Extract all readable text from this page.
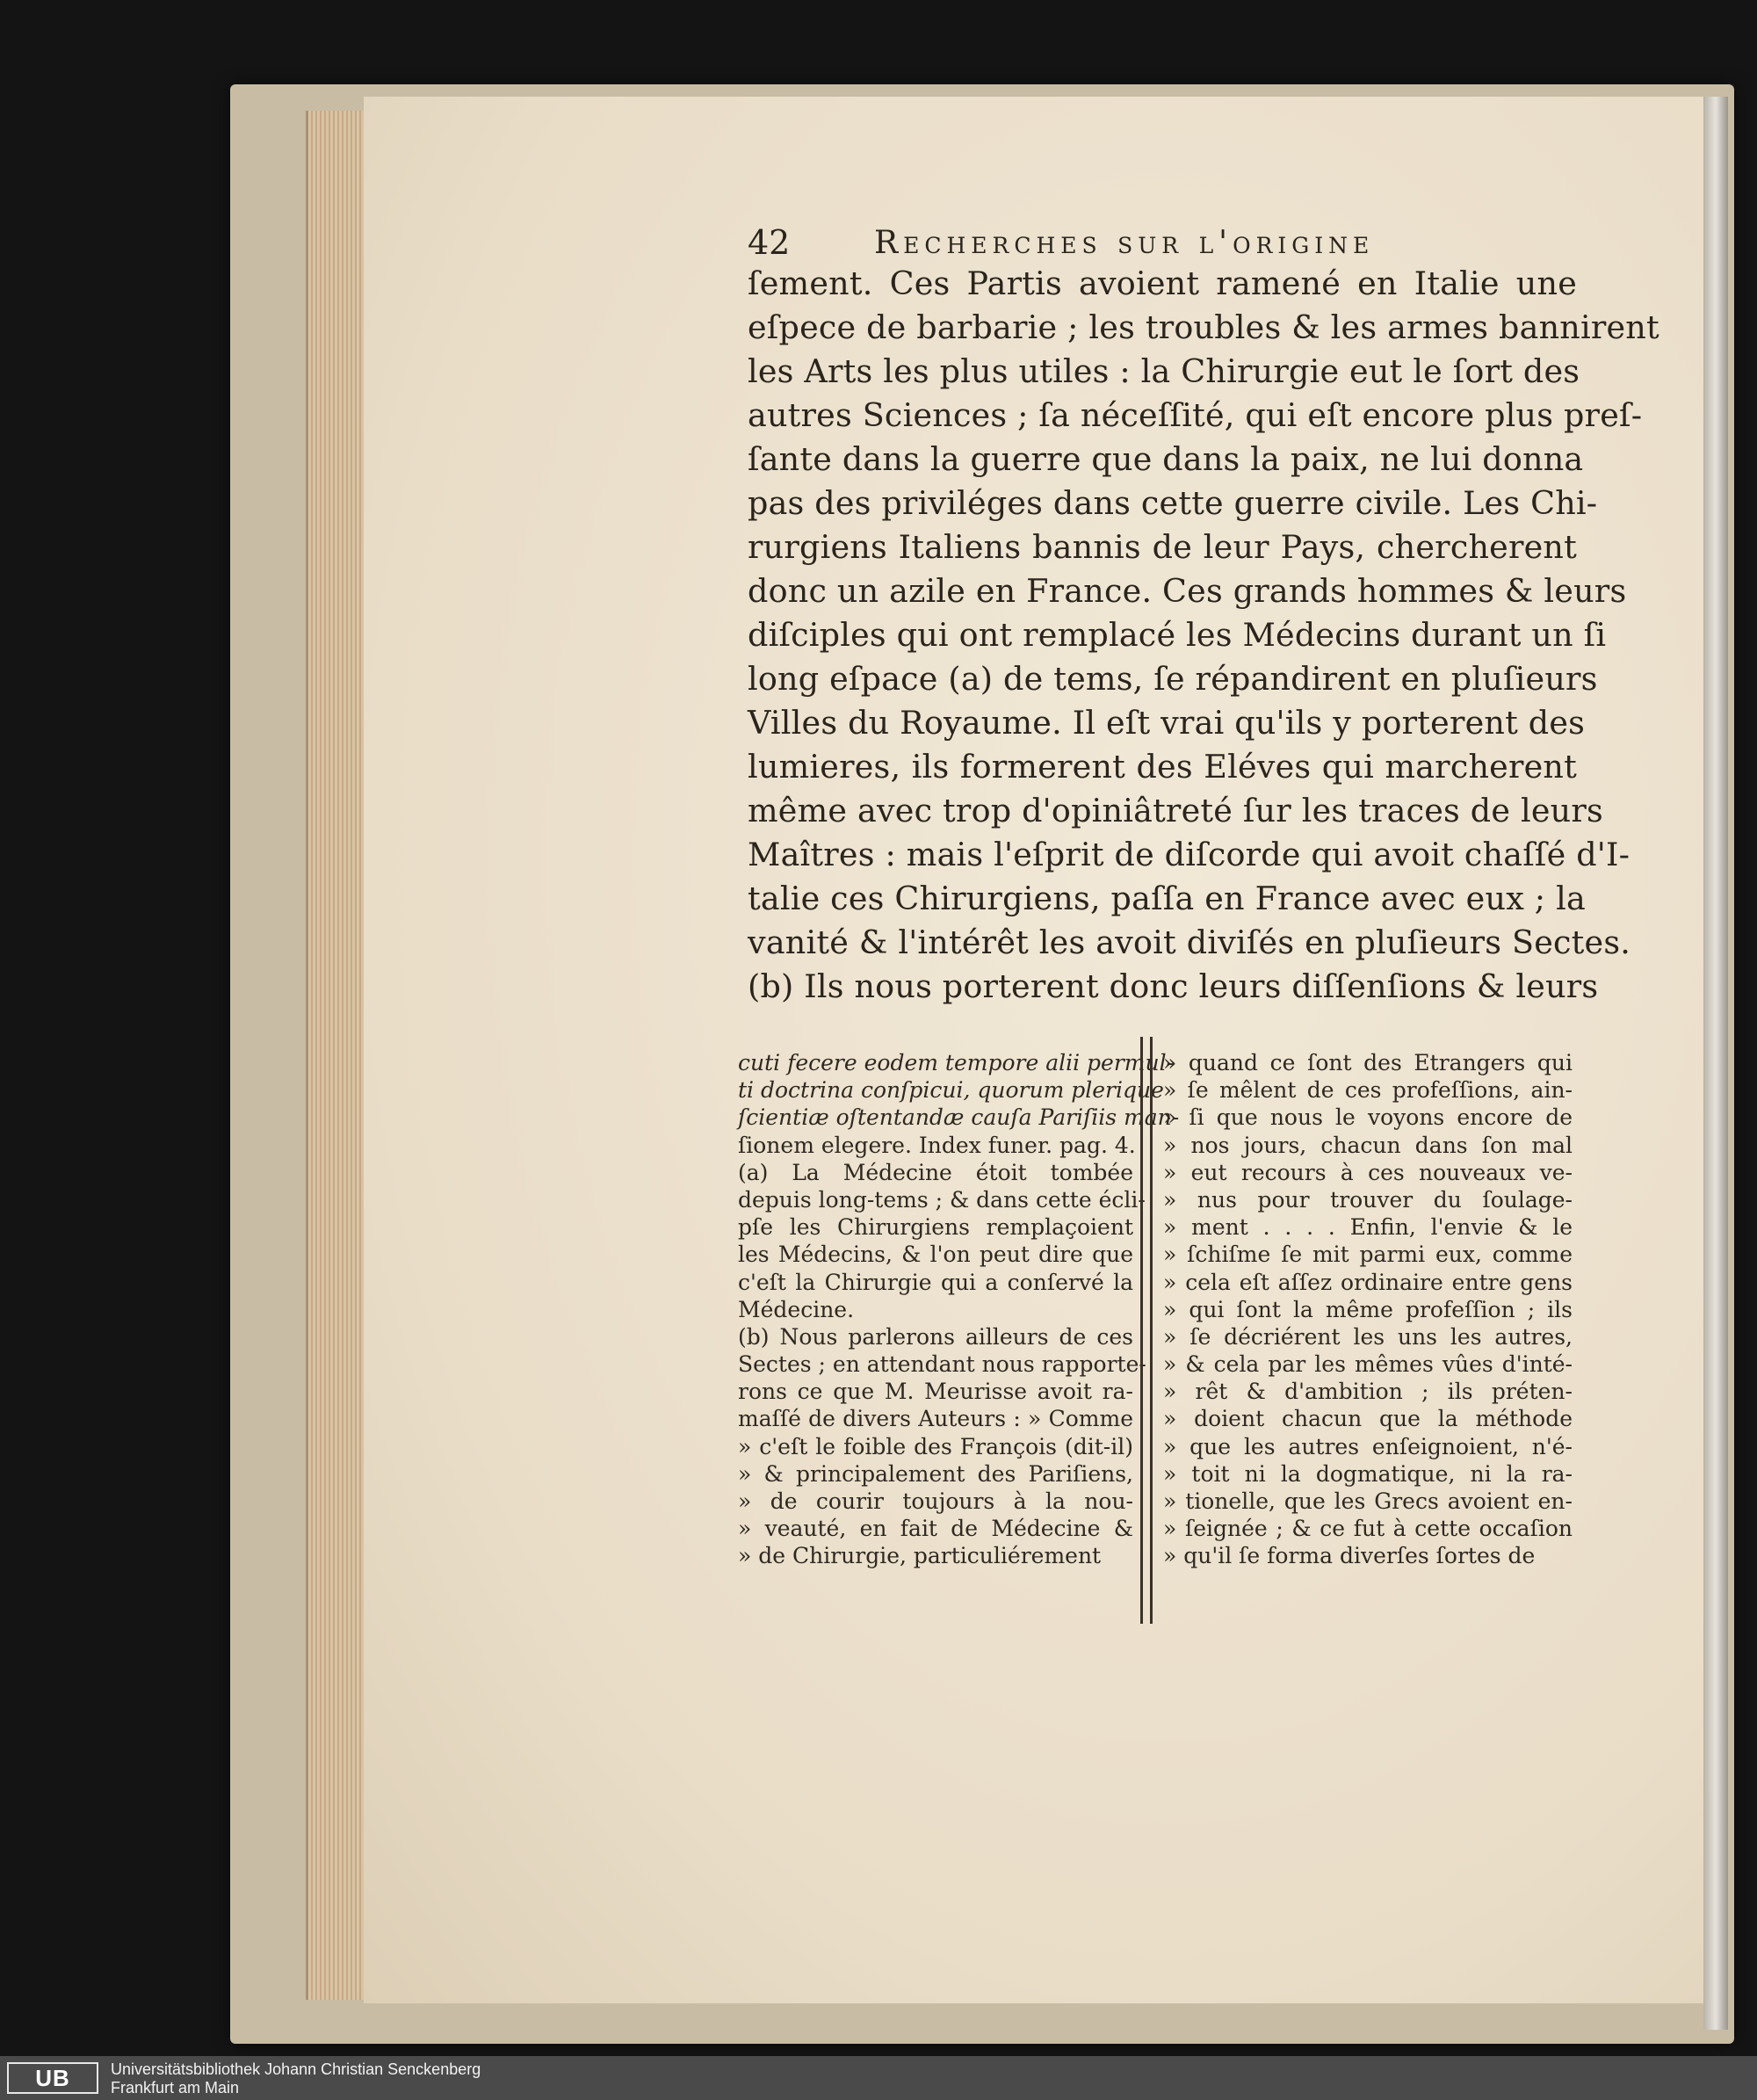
42	Recherches sur l'origine
ſement. Ces Partis avoient ramené en Italie une
eſpece de barbarie ; les troubles & les armes bannirent
les Arts les plus utiles : la Chirurgie eut le ſort des
autres Sciences ; ſa néceſſité, qui eſt encore plus preſ-
ſante dans la guerre que dans la paix, ne lui donna
pas des priviléges dans cette guerre civile. Les Chi-
rurgiens Italiens bannis de leur Pays, chercherent
donc un azile en France. Ces grands hommes & leurs
diſciples qui ont remplacé les Médecins durant un ſi
long eſpace (a) de tems, ſe répandirent en pluſieurs
Villes du Royaume. Il eſt vrai qu'ils y porterent des
lumieres, ils formerent des Eléves qui marcherent
même avec trop d'opiniâtreté ſur les traces de leurs
Maîtres : mais l'eſprit de diſcorde qui avoit chaſſé d'I-
talie ces Chirurgiens, paſſa en France avec eux ; la
vanité & l'intérêt les avoit diviſés en pluſieurs Sectes.
(b) Ils nous porterent donc leurs diſſenſions & leurs
cuti fecere eodem tempore alii permul-
ti doctrina conſpicui, quorum plerique
ſcientiæ oſtentandæ cauſa Pariſiis man-
ſionem elegere. Index funer. pag. 4.
(a) La Médecine étoit tombée
depuis long-tems ; & dans cette écli-
pſe les Chirurgiens remplaçoient
les Médecins, & l'on peut dire que
c'eſt la Chirurgie qui a conſervé la
Médecine.
(b) Nous parlerons ailleurs de ces
Sectes ; en attendant nous rapporte-
rons ce que M. Meurisse avoit ra-
maſſé de divers Auteurs : » Comme
» c'eſt le foible des François (dit-il)
» & principalement des Pariſiens,
» de courir toujours à la nou-
» veauté, en fait de Médecine &
» de Chirurgie, particuliérement
» quand ce ſont des Etrangers qui
» ſe mêlent de ces profeſſions, ain-
» ſi que nous le voyons encore de
» nos jours, chacun dans ſon mal
» eut recours à ces nouveaux ve-
» nus pour trouver du ſoulage-
» ment . . . . Enfin, l'envie & le
» ſchiſme ſe mit parmi eux, comme
» cela eſt aſſez ordinaire entre gens
» qui ſont la même profeſſion ; ils
» ſe décriérent les uns les autres,
» & cela par les mêmes vûes d'inté-
» rêt & d'ambition ; ils préten-
» doient chacun que la méthode
» que les autres enſeignoient, n'é-
» toit ni la dogmatique, ni la ra-
» tionelle, que les Grecs avoient en-
» ſeignée ; & ce fut à cette occaſion
» qu'il ſe forma diverſes ſortes de
UB	Universitätsbibliothek Johann Christian Senckenberg
Frankfurt am Main
